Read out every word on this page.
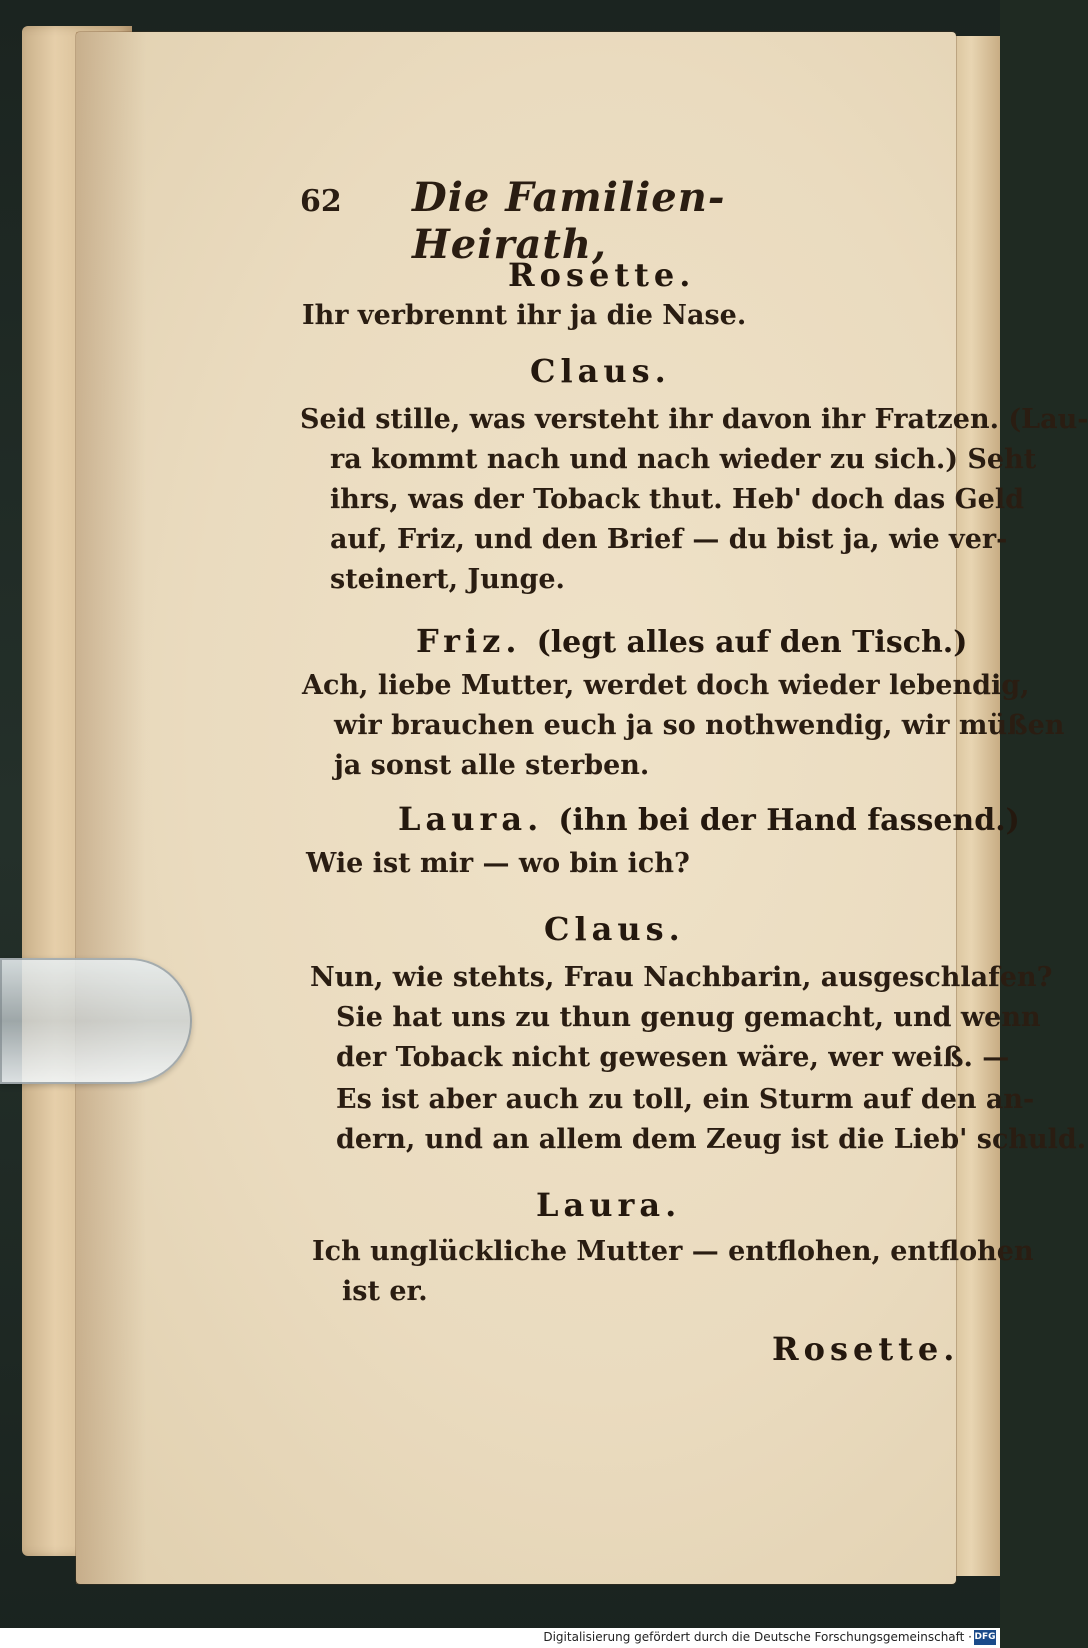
62 Die Familien-Heirath,
Rosette.
Ihr verbrennt ihr ja die Nase.
Claus.
Seid stille, was versteht ihr davon ihr Fratzen. (Lau-
ra kommt nach und nach wieder zu sich.) Seht
ihrs, was der Toback thut. Heb' doch das Geld
auf, Friz, und den Brief — du bist ja, wie ver-
steinert, Junge.
Friz. (legt alles auf den Tisch.)
Ach, liebe Mutter, werdet doch wieder lebendig,
wir brauchen euch ja so nothwendig, wir müßen
ja sonst alle sterben.
Laura. (ihn bei der Hand fassend.)
Wie ist mir — wo bin ich?
Claus.
Nun, wie stehts, Frau Nachbarin, ausgeschlafen?
Sie hat uns zu thun genug gemacht, und wenn
der Toback nicht gewesen wäre, wer weiß. —
Es ist aber auch zu toll, ein Sturm auf den an-
dern, und an allem dem Zeug ist die Lieb' schuld.
Laura.
Ich unglückliche Mutter — entflohen, entflohen
ist er.
Rosette.
Digitalisierung gefördert durch die Deutsche Forschungsgemeinschaft · DFG
